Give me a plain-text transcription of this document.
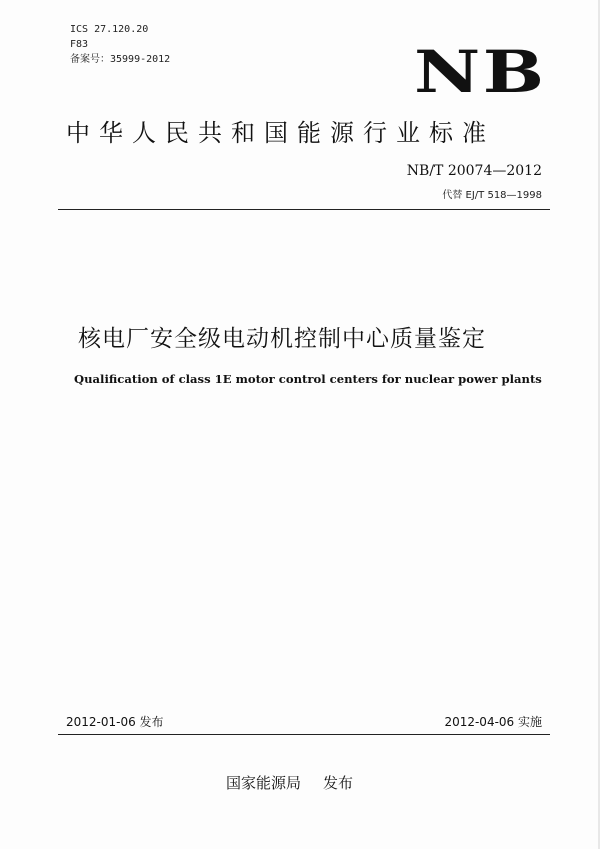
ICS 27.120.20
F83
备案号：35999-2012	NB
中华人民共和国能源行业标准
NB/T 20074—2012
代替 EJ/T 518—1998
核电厂安全级电动机控制中心质量鉴定
Qualification of class 1E motor control centers for nuclear power plants
2012-01-06 发布	2012-04-06 实施
国家能源局 发布
